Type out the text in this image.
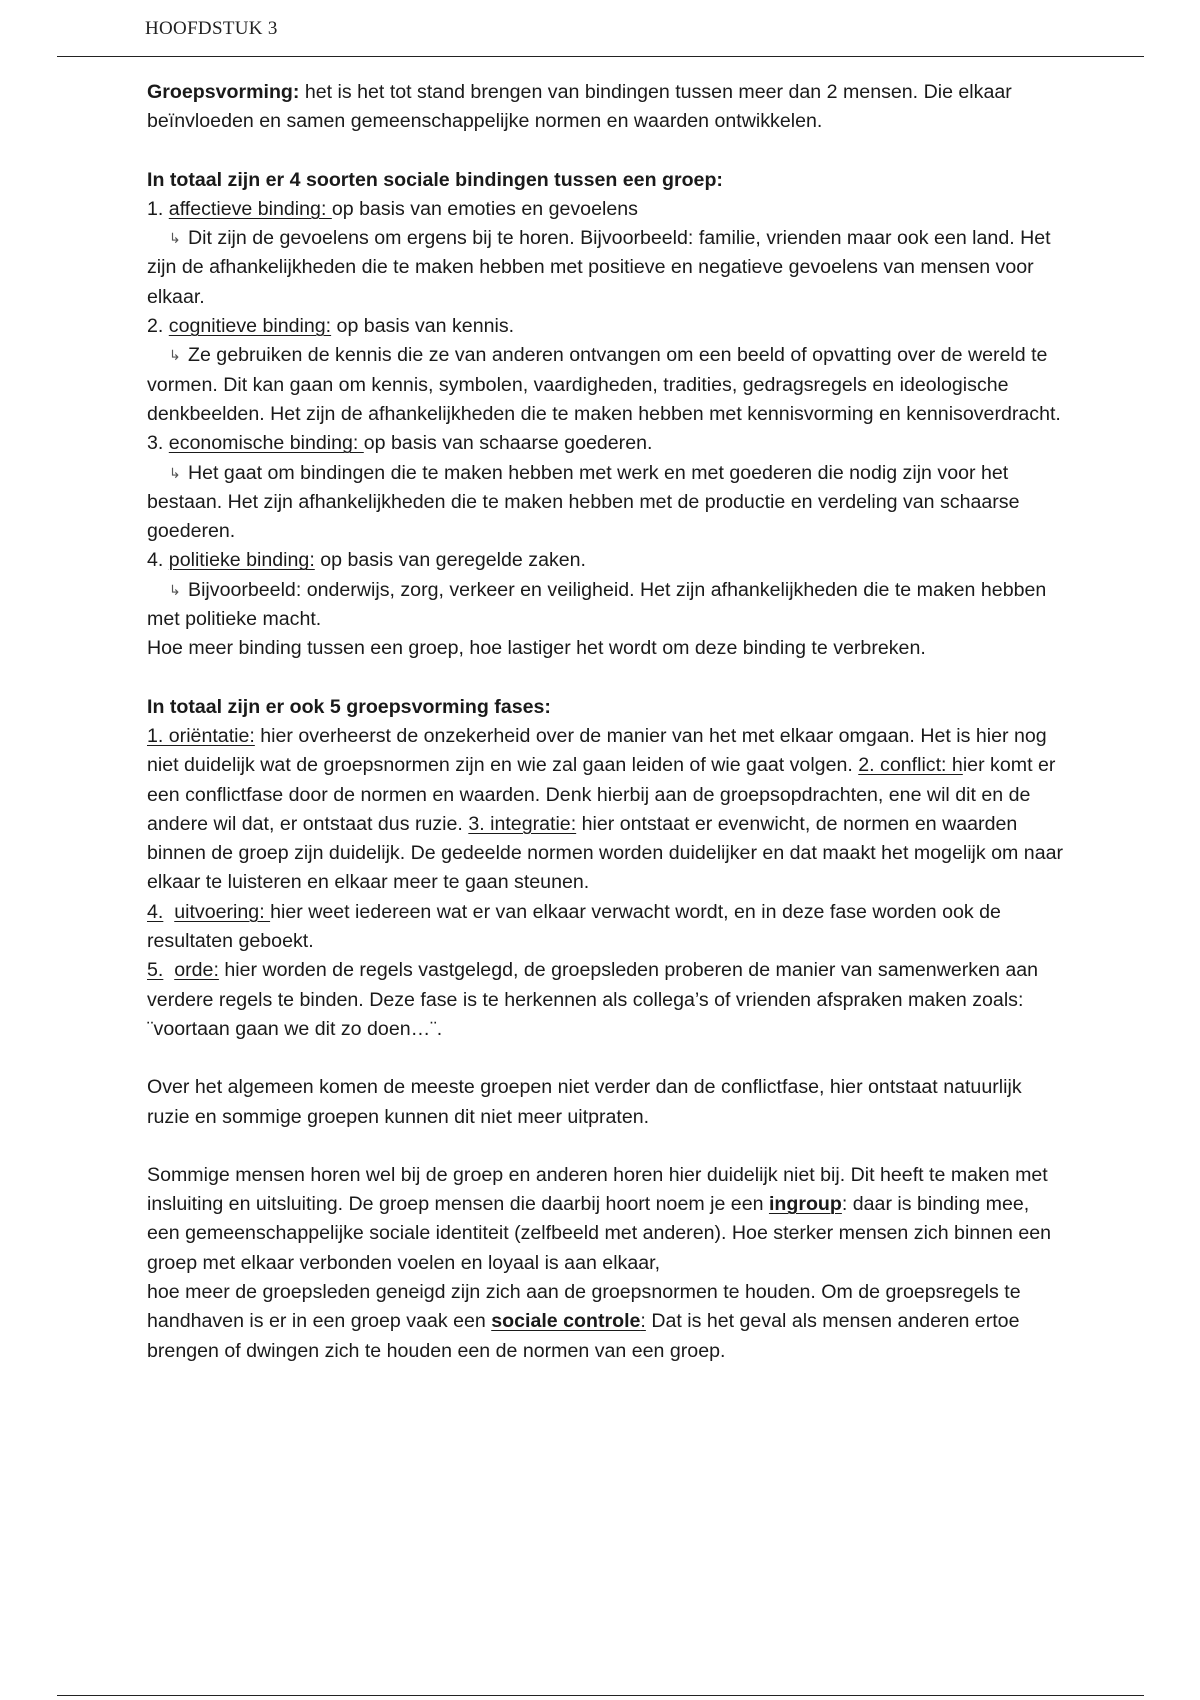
HOOFDSTUK 3

Groepsvorming: het is het tot stand brengen van bindingen tussen meer dan 2 mensen. Die elkaar beïnvloeden en samen gemeenschappelijke normen en waarden ontwikkelen.

In totaal zijn er 4 soorten sociale bindingen tussen een groep:

1. affectieve binding: op basis van emoties en gevoelens

↳ Dit zijn de gevoelens om ergens bij te horen. Bijvoorbeeld: familie, vrienden maar ook een land. Het zijn de afhankelijkheden die te maken hebben met positieve en negatieve gevoelens van mensen voor elkaar.

2. cognitieve binding: op basis van kennis.

↳ Ze gebruiken de kennis die ze van anderen ontvangen om een beeld of opvatting over de wereld te vormen. Dit kan gaan om kennis, symbolen, vaardigheden, tradities, gedragsregels en ideologische denkbeelden. Het zijn de afhankelijkheden die te maken hebben met kennisvorming en kennisoverdracht.

3. economische binding: op basis van schaarse goederen.

↳ Het gaat om bindingen die te maken hebben met werk en met goederen die nodig zijn voor het bestaan. Het zijn afhankelijkheden die te maken hebben met de productie en verdeling van schaarse goederen.

4. politieke binding: op basis van geregelde zaken.

↳ Bijvoorbeeld: onderwijs, zorg, verkeer en veiligheid. Het zijn afhankelijkheden die te maken hebben met politieke macht.

Hoe meer binding tussen een groep, hoe lastiger het wordt om deze binding te verbreken.

In totaal zijn er ook 5 groepsvorming fases:

1. oriëntatie: hier overheerst de onzekerheid over de manier van het met elkaar omgaan. Het is hier nog niet duidelijk wat de groepsnormen zijn en wie zal gaan leiden of wie gaat volgen. 2. conflict: hier komt er een conflictfase door de normen en waarden. Denk hierbij aan de groepsopdrachten, ene wil dit en de andere wil dat, er ontstaat dus ruzie. 3. integratie: hier ontstaat er evenwicht, de normen en waarden binnen de groep zijn duidelijk. De gedeelde normen worden duidelijker en dat maakt het mogelijk om naar elkaar te luisteren en elkaar meer te gaan steunen.

4. uitvoering: hier weet iedereen wat er van elkaar verwacht wordt, en in deze fase worden ook de resultaten geboekt.

5. orde: hier worden de regels vastgelegd, de groepsleden proberen de manier van samenwerken aan verdere regels te binden. Deze fase is te herkennen als collega’s of vrienden afspraken maken zoals: ¨voortaan gaan we dit zo doen…¨.

Over het algemeen komen de meeste groepen niet verder dan de conflictfase, hier ontstaat natuurlijk ruzie en sommige groepen kunnen dit niet meer uitpraten.

Sommige mensen horen wel bij de groep en anderen horen hier duidelijk niet bij. Dit heeft te maken met insluiting en uitsluiting. De groep mensen die daarbij hoort noem je een ingroup: daar is binding mee, een gemeenschappelijke sociale identiteit (zelfbeeld met anderen). Hoe sterker mensen zich binnen een groep met elkaar verbonden voelen en loyaal is aan elkaar,

hoe meer de groepsleden geneigd zijn zich aan de groepsnormen te houden. Om de groepsregels te handhaven is er in een groep vaak een sociale controle: Dat is het geval als mensen anderen ertoe brengen of dwingen zich te houden een de normen van een groep.
